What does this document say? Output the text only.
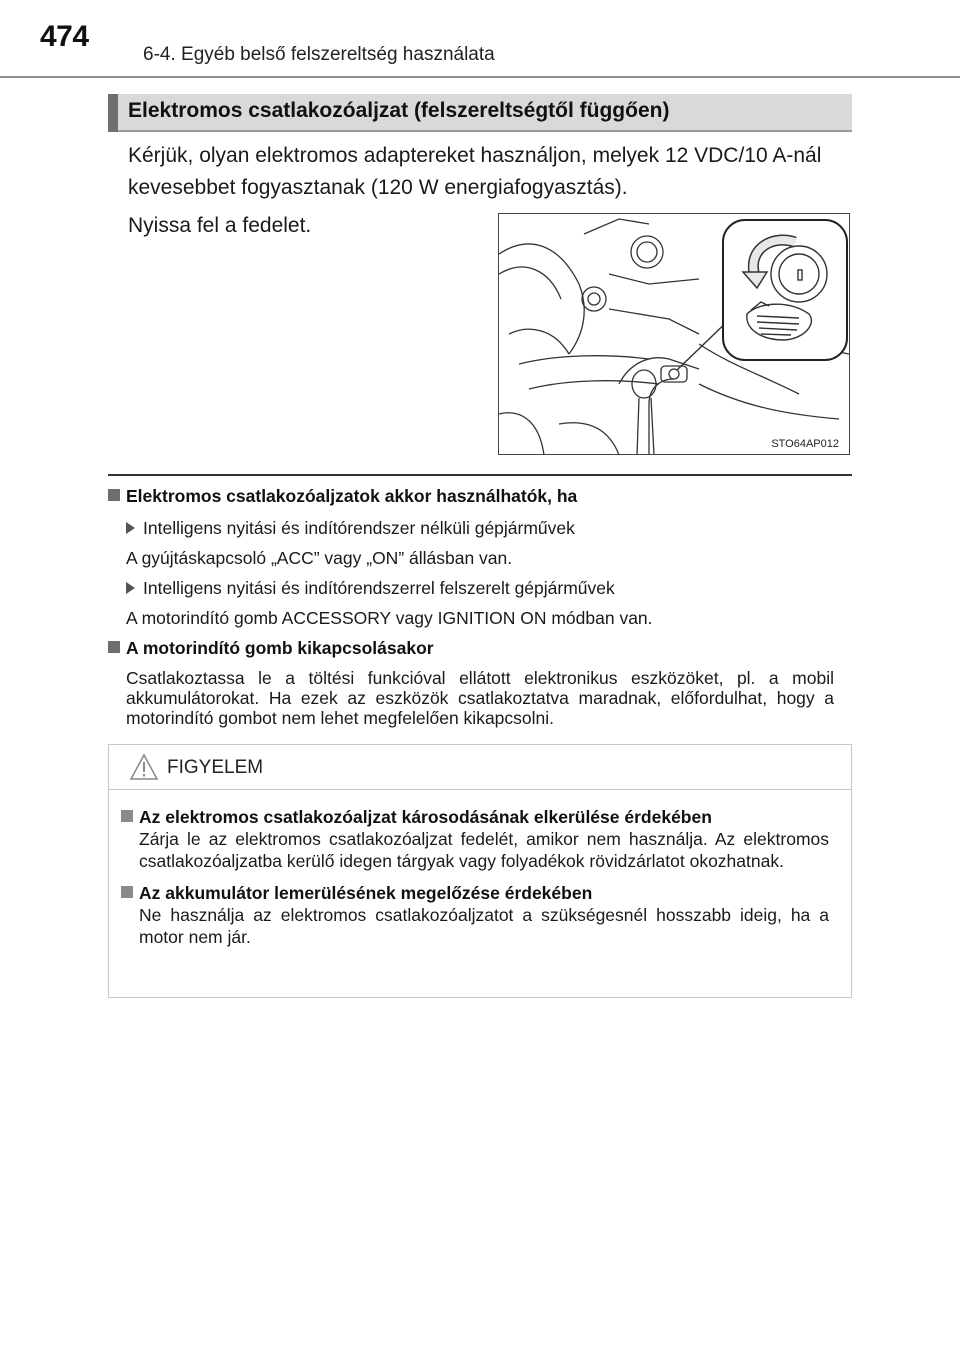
474
6-4. Egyéb belső felszereltség használata
Elektromos csatlakozóaljzat (felszereltségtől függően)

Kérjük, olyan elektromos adaptereket használjon, melyek 12 VDC/10 A-nál kevesebbet fogyasztanak (120 W energiafogyasztás).

Nyissa fel a fedelet.

STO64AP012

Elektromos csatlakozóaljzatok akkor használhatók, ha

Intelligens nyitási és indítórendszer nélküli gépjárművek

A gyújtáskapcsoló „ACC” vagy „ON” állásban van.

Intelligens nyitási és indítórendszerrel felszerelt gépjárművek

A motorindító gomb ACCESSORY vagy IGNITION ON módban van.

A motorindító gomb kikapcsolásakor

Csatlakoztassa le a töltési funkcióval ellátott elektronikus eszközöket, pl. a mobil akkumulátorokat. Ha ezek az eszközök csatlakoztatva maradnak, előfordulhat, hogy a motorindító gombot nem lehet megfelelően kikapcsolni.

FIGYELEM

Az elektromos csatlakozóaljzat károsodásának elkerülése érdekében

Zárja le az elektromos csatlakozóaljzat fedelét, amikor nem használja. Az elektromos csatlakozóaljzatba kerülő idegen tárgyak vagy folyadékok rövidzárlatot okozhatnak.

Az akkumulátor lemerülésének megelőzése érdekében

Ne használja az elektromos csatlakozóaljzatot a szükségesnél hosszabb ideig, ha a motor nem jár.
